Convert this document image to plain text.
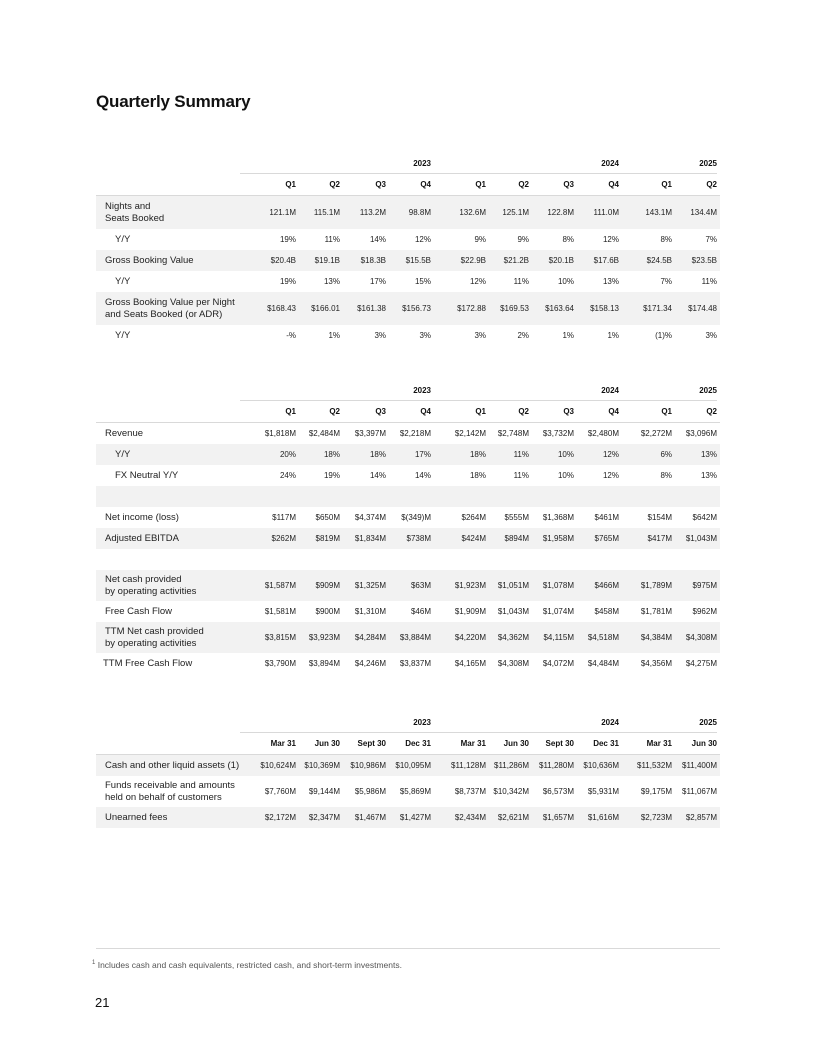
Quarterly Summary
2023	2024	2025
Q1	Q2	Q3	Q4	Q1	Q2	Q3	Q4	Q1	Q2
Nights and
Seats Booked	121.1M	115.1M	113.2M	98.8M	132.6M	125.1M	122.8M	111.0M	143.1M	134.4M
Y/Y	19%	11%	14%	12%	9%	9%	8%	12%	8%	7%
Gross Booking Value	$20.4B	$19.1B	$18.3B	$15.5B	$22.9B	$21.2B	$20.1B	$17.6B	$24.5B	$23.5B
Y/Y	19%	13%	17%	15%	12%	11%	10%	13%	7%	11%
Gross Booking Value per Night
and Seats Booked (or ADR)	$168.43	$166.01	$161.38	$156.73	$172.88	$169.53	$163.64	$158.13	$171.34	$174.48
Y/Y	-%	1%	3%	3%	3%	2%	1%	1%	(1)%	3%
2023	2024	2025
Q1	Q2	Q3	Q4	Q1	Q2	Q3	Q4	Q1	Q2
Revenue	$1,818M	$2,484M	$3,397M	$2,218M	$2,142M	$2,748M	$3,732M	$2,480M	$2,272M	$3,096M
Y/Y	20%	18%	18%	17%	18%	11%	10%	12%	6%	13%
FX Neutral Y/Y	24%	19%	14%	14%	18%	11%	10%	12%	8%	13%
Net income (loss)	$117M	$650M	$4,374M	$(349)M	$264M	$555M	$1,368M	$461M	$154M	$642M
Adjusted EBITDA	$262M	$819M	$1,834M	$738M	$424M	$894M	$1,958M	$765M	$417M	$1,043M
Net cash provided
by operating activities	$1,587M	$909M	$1,325M	$63M	$1,923M	$1,051M	$1,078M	$466M	$1,789M	$975M
Free Cash Flow	$1,581M	$900M	$1,310M	$46M	$1,909M	$1,043M	$1,074M	$458M	$1,781M	$962M
TTM Net cash provided
by operating activities	$3,815M	$3,923M	$4,284M	$3,884M	$4,220M	$4,362M	$4,115M	$4,518M	$4,384M	$4,308M
TTM Free Cash Flow	$3,790M	$3,894M	$4,246M	$3,837M	$4,165M	$4,308M	$4,072M	$4,484M	$4,356M	$4,275M
2023	2024	2025
Mar 31	Jun 30	Sept 30	Dec 31	Mar 31	Jun 30	Sept 30	Dec 31	Mar 31	Jun 30
Cash and other liquid assets (1)	$10,624M	$10,369M	$10,986M	$10,095M	$11,128M	$11,286M	$11,280M	$10,636M	$11,532M	$11,400M
Funds receivable and amounts
held on behalf of customers	$7,760M	$9,144M	$5,986M	$5,869M	$8,737M $10,342M	$6,573M	$5,931M	$9,175M	$11,067M
Unearned fees	$2,172M	$2,347M	$1,467M	$1,427M	$2,434M	$2,621M	$1,657M	$1,616M	$2,723M	$2,857M
$^1$ Includes cash and cash equivalents, restricted cash, and short-term investments.
21
